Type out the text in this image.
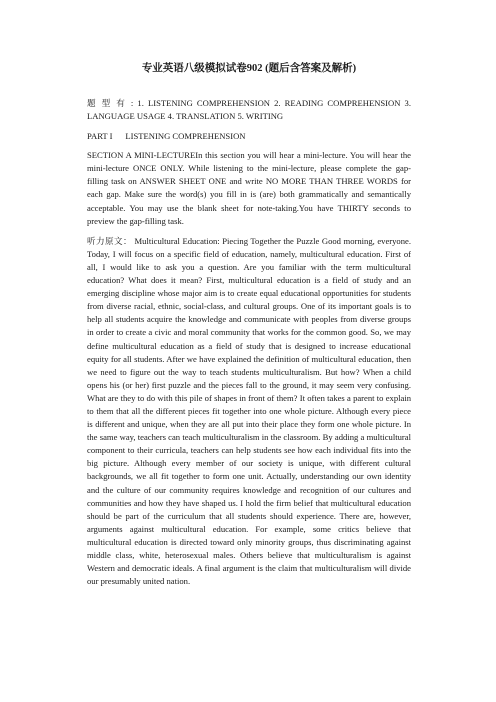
专业英语八级模拟试卷902 (题后含答案及解析)
题 型 有 : 1. LISTENING COMPREHENSION 2. READING COMPREHENSION 3. LANGUAGE USAGE 4. TRANSLATION 5. WRITING
PART I      LISTENING COMPREHENSION
SECTION A MINI-LECTUREIn this section you will hear a mini-lecture. You will hear the mini-lecture ONCE ONLY. While listening to the mini-lecture, please complete the gap-filling task on ANSWER SHEET ONE and write NO MORE THAN THREE WORDS for each gap. Make sure the word(s) you fill in is (are) both grammatically and semantically acceptable. You may use the blank sheet for note-taking.You have THIRTY seconds to preview the gap-filling task.
听力原文： Multicultural Education: Piecing Together the Puzzle Good morning, everyone. Today, I will focus on a specific field of education, namely, multicultural education. First of all, I would like to ask you a question. Are you familiar with the term multicultural education? What does it mean? First, multicultural education is a field of study and an emerging discipline whose major aim is to create equal educational opportunities for students from diverse racial, ethnic, social-class, and cultural groups. One of its important goals is to help all students acquire the knowledge and communicate with peoples from diverse groups in order to create a civic and moral community that works for the common good. So, we may define multicultural education as a field of study that is designed to increase educational equity for all students. After we have explained the definition of multicultural education, then we need to figure out the way to teach students multiculturalism. But how? When a child opens his (or her) first puzzle and the pieces fall to the ground, it may seem very confusing. What are they to do with this pile of shapes in front of them? It often takes a parent to explain to them that all the different pieces fit together into one whole picture. Although every piece is different and unique, when they are all put into their place they form one whole picture. In the same way, teachers can teach multiculturalism in the classroom. By adding a multicultural component to their curricula, teachers can help students see how each individual fits into the big picture. Although every member of our society is unique, with different cultural backgrounds, we all fit together to form one unit. Actually, understanding our own identity and the culture of our community requires knowledge and recognition of our cultures and communities and how they have shaped us. I hold the firm belief that multicultural education should be part of the curriculum that all students should experience. There are, however, arguments against multicultural education. For example, some critics believe that multicultural education is directed toward only minority groups, thus discriminating against middle class, white, heterosexual males. Others believe that multiculturalism is against Western and democratic ideals. A final argument is the claim that multiculturalism will divide our presumably united nation.
